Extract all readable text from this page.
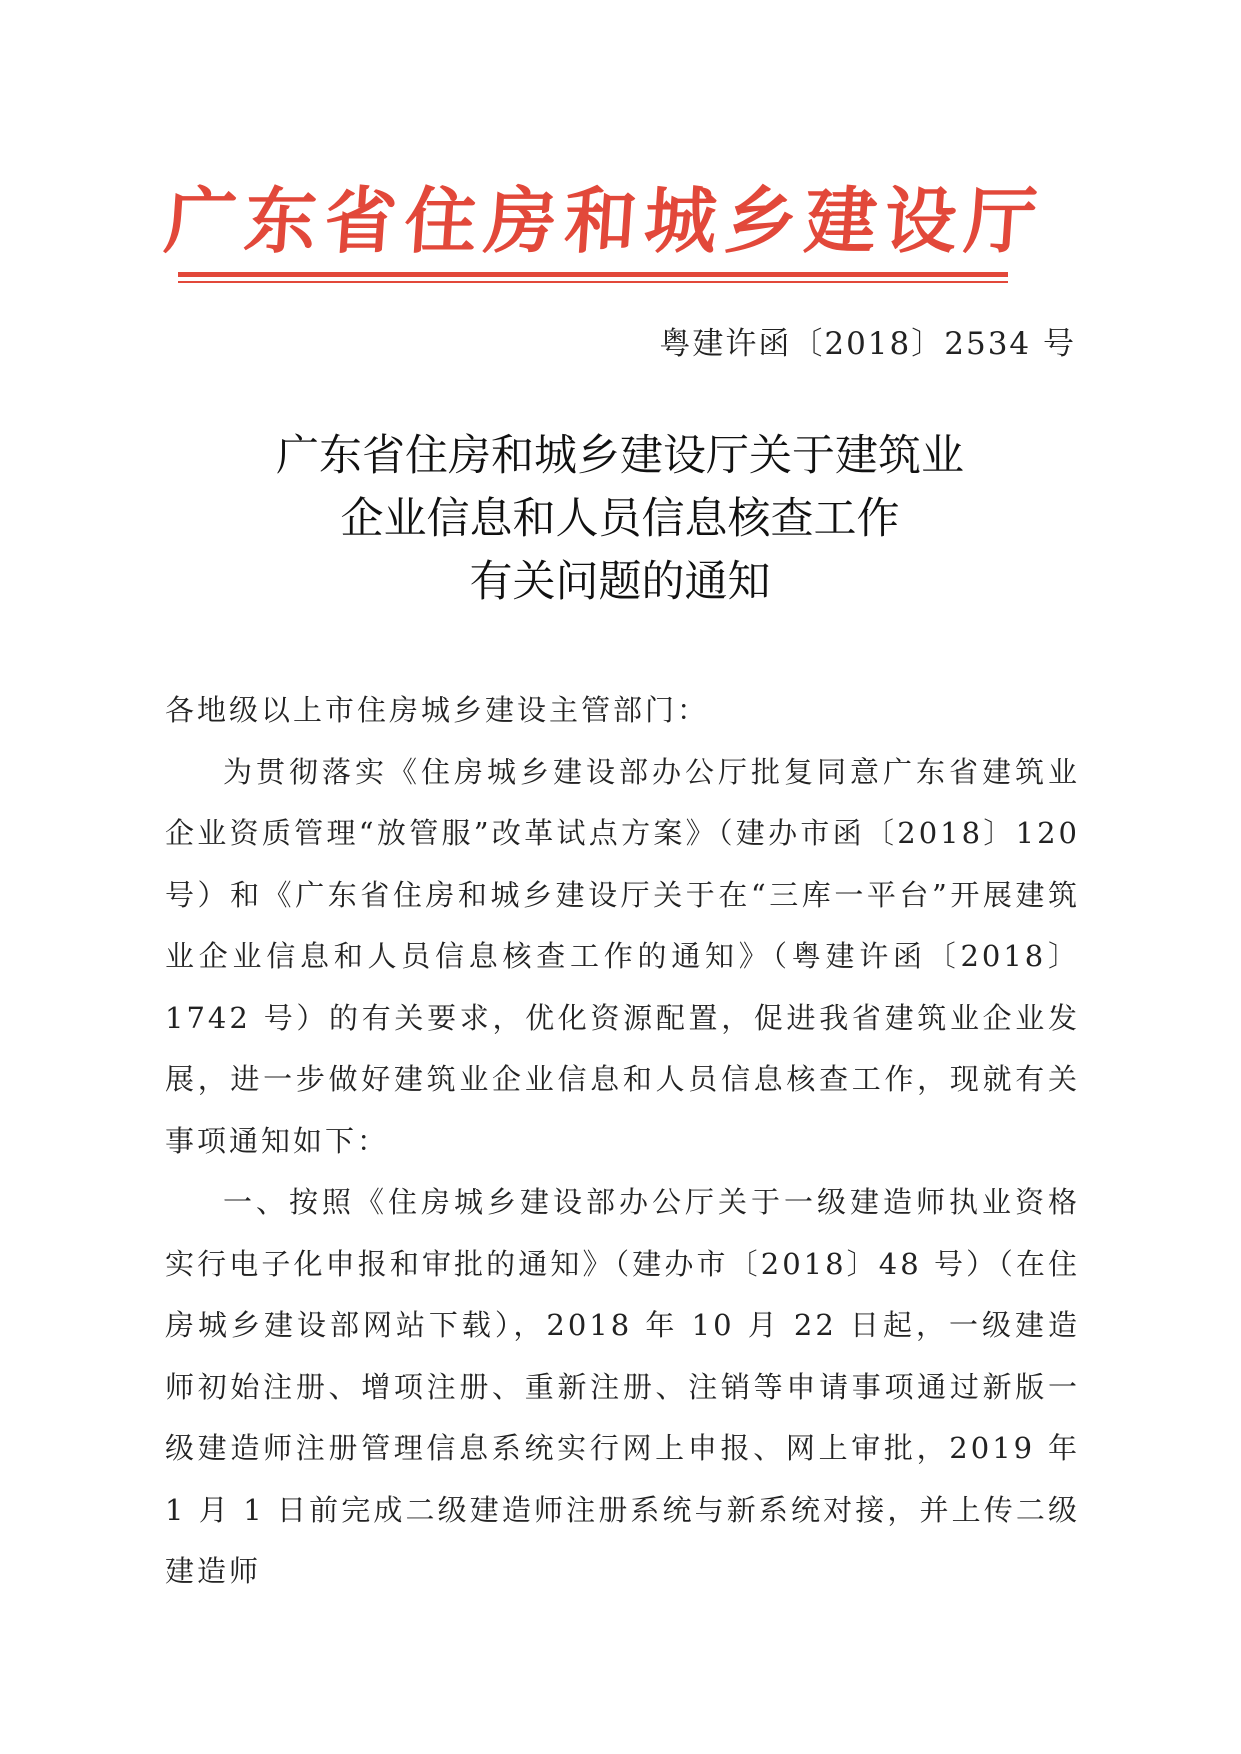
广东省住房和城乡建设厅
粤建许函〔2018〕2534 号
广东省住房和城乡建设厅关于建筑业
企业信息和人员信息核查工作
有关问题的通知

各地级以上市住房城乡建设主管部门：

为贯彻落实《住房城乡建设部办公厅批复同意广东省建筑业企业资质管理“放管服”改革试点方案》（建办市函〔2018〕120 号）和《广东省住房和城乡建设厅关于在“三库一平台”开展建筑业企业信息和人员信息核查工作的通知》（粤建许函〔2018〕1742 号）的有关要求，优化资源配置，促进我省建筑业企业发展，进一步做好建筑业企业信息和人员信息核查工作，现就有关事项通知如下：

一、按照《住房城乡建设部办公厅关于一级建造师执业资格实行电子化申报和审批的通知》（建办市〔2018〕48 号）（在住房城乡建设部网站下载），2018 年 10 月 22 日起，一级建造师初始注册、增项注册、重新注册、注销等申请事项通过新版一级建造师注册管理信息系统实行网上申报、网上审批，2019 年 1 月 1 日前完成二级建造师注册系统与新系统对接，并上传二级建造师
